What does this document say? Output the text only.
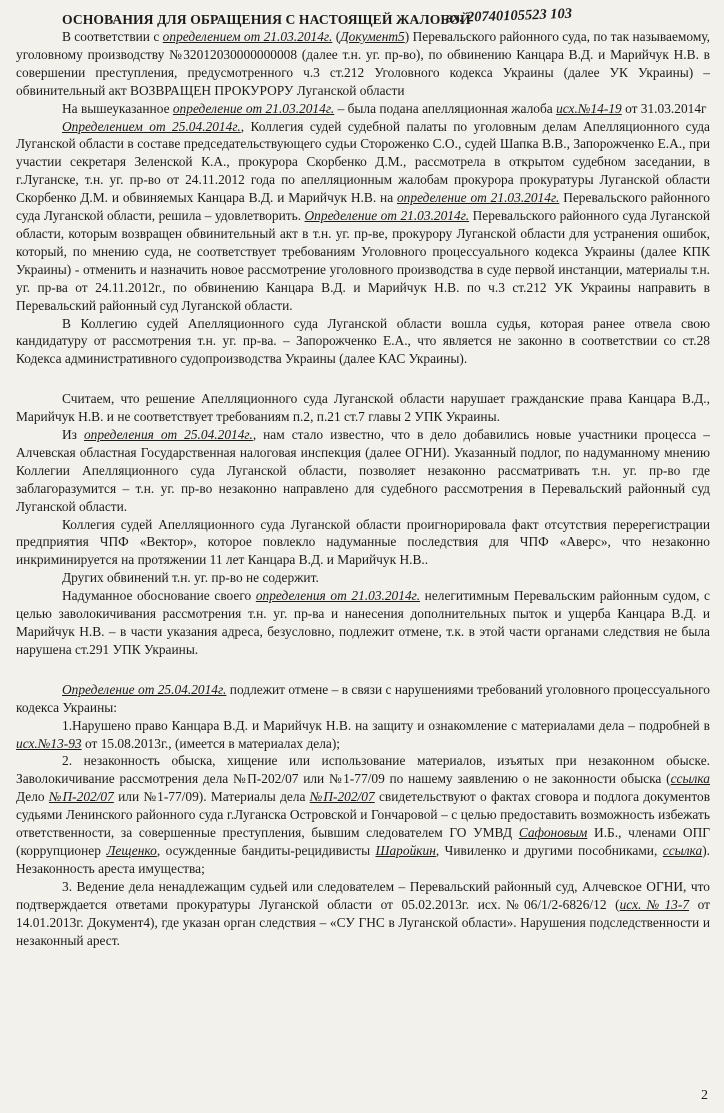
ОСНОВАНИЯ ДЛЯ ОБРАЩЕНИЯ С НАСТОЯЩЕЙ ЖАЛОБОЙ
вх. 20740105523 103

В соответствии с определением от 21.03.2014г. (Документ5) Перевальского районного суда, по так называемому, уголовному производству №32012030000000008 (далее т.н. уг. пр-во), по обвинению Канцара В.Д. и Марийчук Н.В. в совершении преступления, предусмотренного ч.3 ст.212 Уголовного кодекса Украины (далее УК Украины) – обвинительный акт ВОЗВРАЩЕН ПРОКУРОРУ Луганской области

На вышеуказанное определение от 21.03.2014г. – была подана апелляционная жалоба исх.№14-19 от 31.03.2014г

Определением от 25.04.2014г., Коллегия судей судебной палаты по уголовным делам Апелляционного суда Луганской области в составе председательствующего судьи Стороженко С.О., судей Шапка В.В., Запорожченко Е.А., при участии секретаря Зеленской К.А., прокурора Скорбенко Д.М., рассмотрела в открытом судебном заседании, в г.Луганске, т.н. уг. пр-во от 24.11.2012 года по апелляционным жалобам прокурора прокуратуры Луганской области Скорбенко Д.М. и обвиняемых Канцара В.Д. и Марийчук Н.В. на определение от 21.03.2014г. Перевальского районного суда Луганской области, решила – удовлетворить. Определение от 21.03.2014г. Перевальского районного суда Луганской области, которым возвращен обвинительный акт в т.н. уг. пр-ве, прокурору Луганской области для устранения ошибок, который, по мнению суда, не соответствует требованиям Уголовного процессуального кодекса Украины (далее КПК Украины) - отменить и назначить новое рассмотрение уголовного производства в суде первой инстанции, материалы т.н. уг. пр-ва от 24.11.2012г., по обвинению Канцара В.Д. и Марийчук Н.В. по ч.3 ст.212 УК Украины направить в Перевальский районный суд Луганской области.

В Коллегию судей Апелляционного суда Луганской области вошла судья, которая ранее отвела свою кандидатуру от рассмотрения т.н. уг. пр-ва. – Запорожченко Е.А., что является не законно в соответствии со ст.28 Кодекса административного судопроизводства Украины (далее КАС Украины).

Считаем, что решение Апелляционного суда Луганской области нарушает гражданские права Канцара В.Д., Марийчук Н.В. и не соответствует требованиям п.2, п.21 ст.7 главы 2 УПК Украины.

Из определения от 25.04.2014г., нам стало известно, что в дело добавились новые участники процесса – Алчевская областная Государственная налоговая инспекция (далее ОГНИ). Указанный подлог, по надуманному мнению Коллегии Апелляционного суда Луганской области, позволяет незаконно рассматривать т.н. уг. пр-во где заблагоразумится – т.н. уг. пр-во незаконно направлено для судебного рассмотрения в Перевальский районный суд Луганской области.

Коллегия судей Апелляционного суда Луганской области проигнорировала факт отсутствия перерегистрации предприятия ЧПФ «Вектор», которое повлекло надуманные последствия для ЧПФ «Аверс», что незаконно инкриминируется на протяжении 11 лет Канцара В.Д. и Марийчук Н.В..

Других обвинений т.н. уг. пр-во не содержит.

Надуманное обоснование своего определения от 21.03.2014г. нелегитимным Перевальским районным судом, с целью заволокичивания рассмотрения т.н. уг. пр-ва и нанесения дополнительных пыток и ущерба Канцара В.Д. и Марийчук Н.В. – в части указания адреса, безусловно, подлежит отмене, т.к. в этой части органами следствия не была нарушена ст.291 УПК Украины.

Определение от 25.04.2014г. подлежит отмене – в связи с нарушениями требований уголовного процессуального кодекса Украины:

1.Нарушено право Канцара В.Д. и Марийчук Н.В. на защиту и ознакомление с материалами дела – подробней в исх.№13-93 от 15.08.2013г., (имеется в материалах дела);

2. незаконность обыска, хищение или использование материалов, изъятых при незаконном обыске. Заволокичивание рассмотрения дела №П-202/07 или №1-77/09 по нашему заявлению о не законности обыска (ссылка Дело №П-202/07 или №1-77/09). Материалы дела №П-202/07 свидетельствуют о фактах сговора и подлога документов судьями Ленинского районного суда г.Луганска Островской и Гончаровой – с целью предоставить возможность избежать ответственности, за совершенные преступления, бывшим следователем ГО УМВД Сафоновым И.Б., членами ОПГ (коррупционер Лещенко, осужденные бандиты-рецидивисты Шаройкин, Чивиленко и другими пособниками, ссылка). Незаконность ареста имущества;

3. Ведение дела ненадлежащим судьей или следователем – Перевальский районный суд, Алчевское ОГНИ, что подтверждается ответами прокуратуры Луганской области от 05.02.2013г. исх.№06/1/2-6826/12 (исх.№13-7 от 14.01.2013г. Документ4), где указан орган следствия – «СУ ГНС в Луганской области». Нарушения подследственности и незаконный арест.

2
